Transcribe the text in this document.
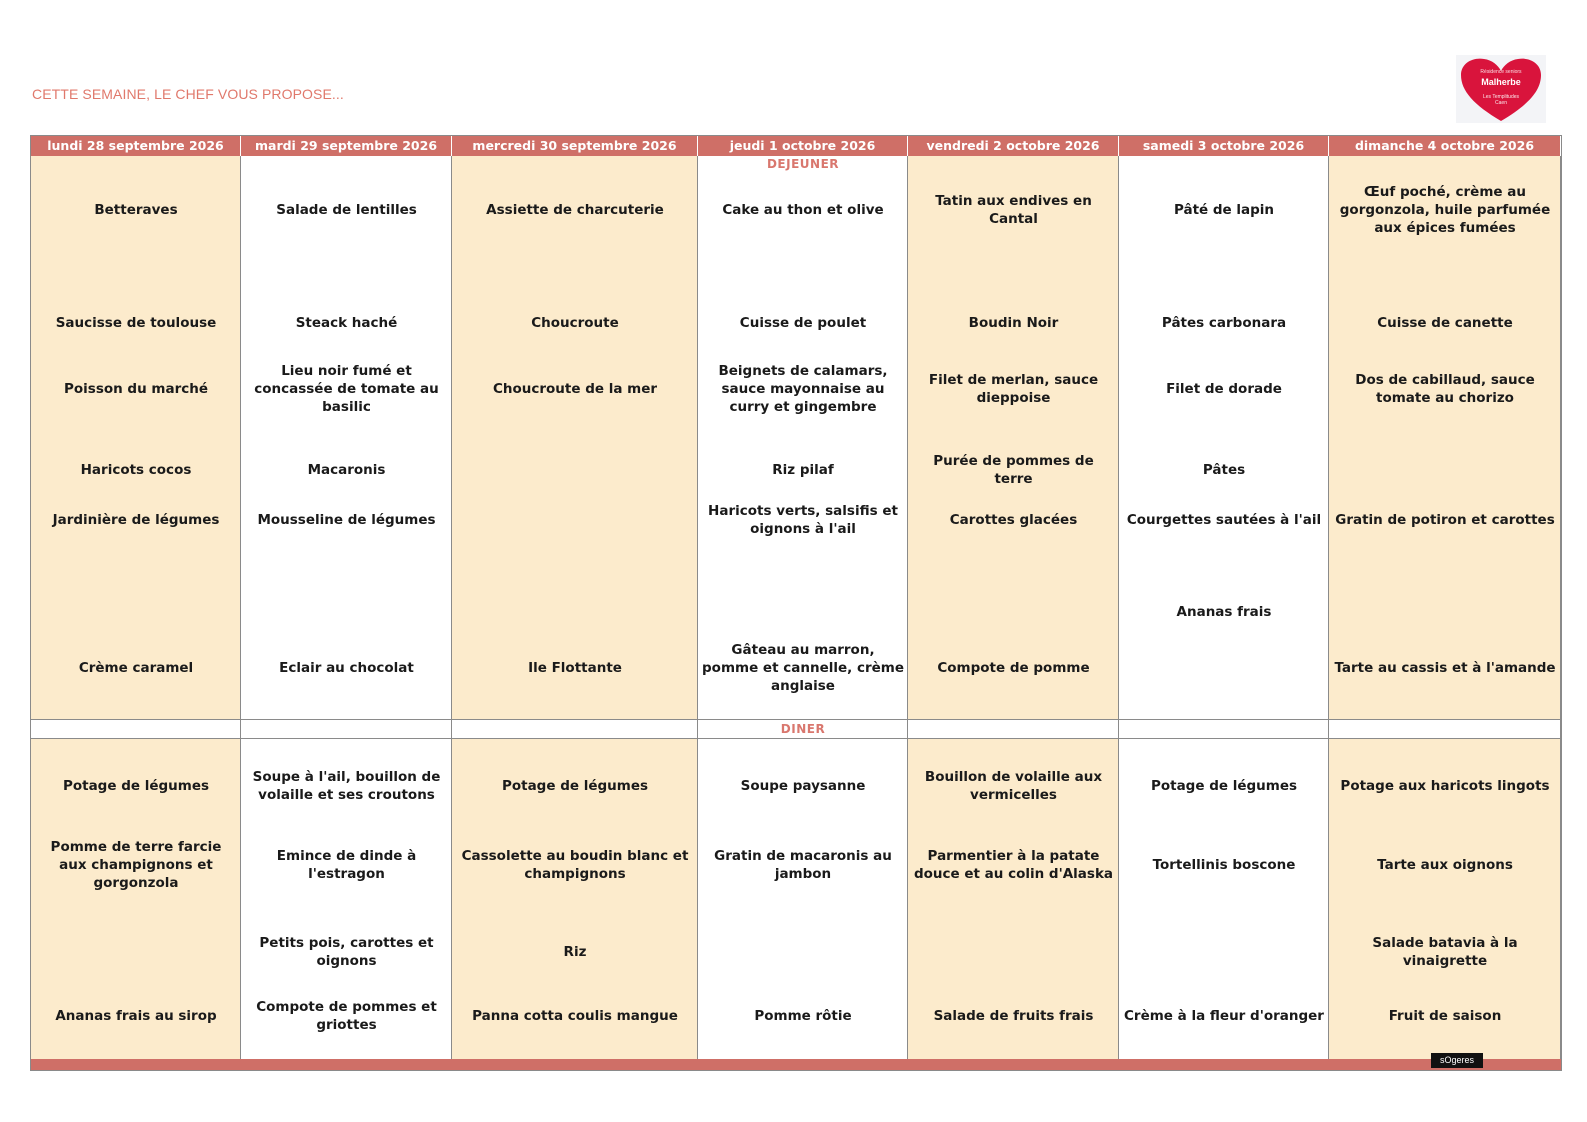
CETTE SEMAINE, LE CHEF VOUS PROPOSE...
Résidence seniors
Malherbe
Les Templitudes
Caen
lundi 28 septembre 2026
Betteraves
Saucisse de toulouse
Poisson du marché
Haricots cocos
Jardinière de légumes
Crème caramel
Potage de légumes
Pomme de terre farcie aux champignons et gorgonzola
Ananas frais au sirop
mardi 29 septembre 2026
Salade de lentilles
Steack haché
Lieu noir fumé et concassée de tomate au basilic
Macaronis
Mousseline de légumes
Eclair au chocolat
Soupe à l'ail, bouillon de volaille et ses croutons
Emince de dinde à l'estragon
Petits pois, carottes et oignons
Compote de pommes et griottes
mercredi 30 septembre 2026
Assiette de charcuterie
Choucroute
Choucroute de la mer
Ile Flottante
Potage de légumes
Cassolette au boudin blanc et champignons
Riz
Panna cotta coulis mangue
jeudi 1 octobre 2026
Cake au thon et olive
Cuisse de poulet
Beignets de calamars, sauce mayonnaise au curry et gingembre
Riz pilaf
Haricots verts, salsifis et oignons à l'ail
Gâteau au marron, pomme et cannelle, crème anglaise
Soupe paysanne
Gratin de macaronis au jambon
Pomme rôtie
vendredi 2 octobre 2026
Tatin aux endives en Cantal
Boudin Noir
Filet de merlan, sauce dieppoise
Purée de pommes de terre
Carottes glacées
Compote de pomme
Bouillon de volaille aux vermicelles
Parmentier à la patate douce et au colin d'Alaska
Salade de fruits frais
samedi 3 octobre 2026
Pâté de lapin
Pâtes carbonara
Filet de dorade
Pâtes
Courgettes sautées à l'ail
Ananas frais
Potage de légumes
Tortellinis boscone
Crème à la fleur d'oranger
dimanche 4 octobre 2026
Œuf poché, crème au gorgonzola, huile parfumée aux épices fumées
Cuisse de canette
Dos de cabillaud, sauce tomate au chorizo
Gratin de potiron et carottes
Tarte au cassis et à l'amande
Potage aux haricots lingots
Tarte aux oignons
Salade batavia à la vinaigrette
Fruit de saison
DEJEUNER
DINER
sOgeres
